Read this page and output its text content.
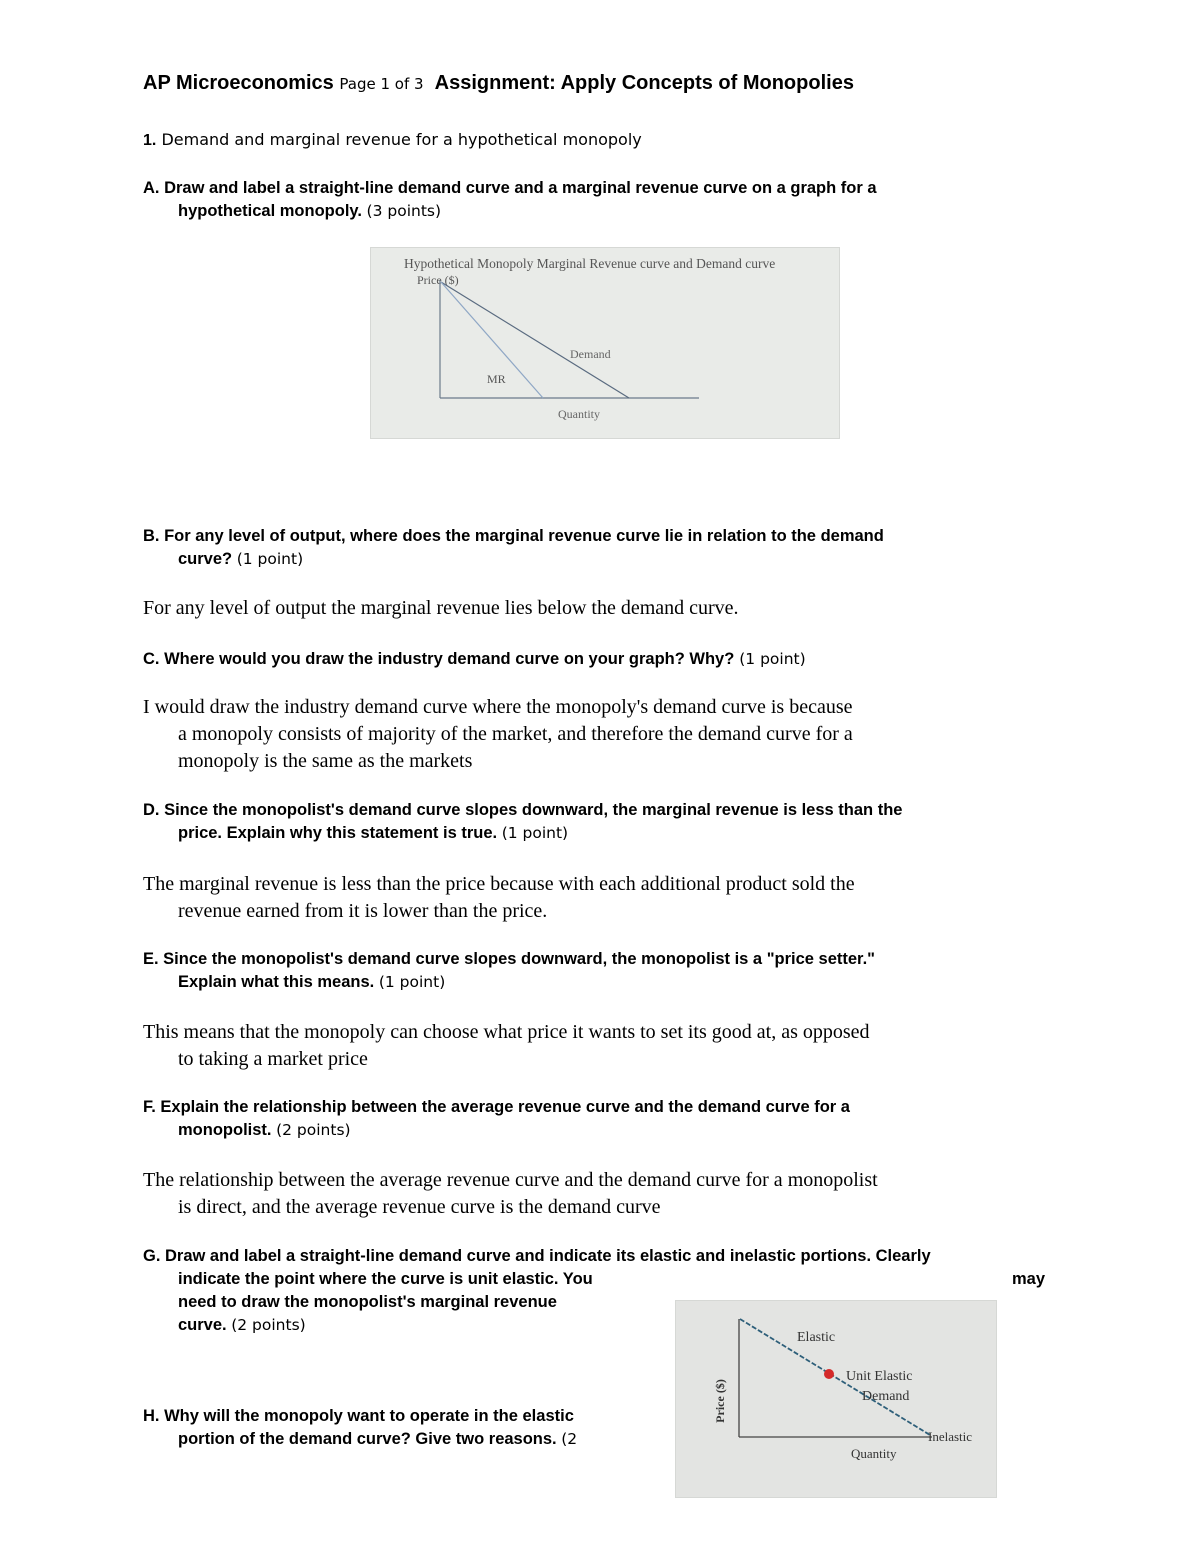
AP Microeconomics Page 1 of 3 Assignment: Apply Concepts of Monopolies
1. Demand and marginal revenue for a hypothetical monopoly
A. Draw and label a straight-line demand curve and a marginal revenue curve on a graph for a
hypothetical monopoly. (3 points)
Hypothetical Monopoly Marginal Revenue curve and Demand curve
Price ($)
Demand
MR
Quantity
B. For any level of output, where does the marginal revenue curve lie in relation to the demand
curve? (1 point)
For any level of output the marginal revenue lies below the demand curve.
C. Where would you draw the industry demand curve on your graph? Why? (1 point)
I would draw the industry demand curve where the monopoly's demand curve is because
a monopoly consists of majority of the market, and therefore the demand curve for a
monopoly is the same as the markets
D. Since the monopolist's demand curve slopes downward, the marginal revenue is less than the
price. Explain why this statement is true. (1 point)
The marginal revenue is less than the price because with each additional product sold the
revenue earned from it is lower than the price.
E. Since the monopolist's demand curve slopes downward, the monopolist is a "price setter."
Explain what this means. (1 point)
This means that the monopoly can choose what price it wants to set its good at, as opposed
to taking a market price
F. Explain the relationship between the average revenue curve and the demand curve for a
monopolist. (2 points)
The relationship between the average revenue curve and the demand curve for a monopolist
is direct, and the average revenue curve is the demand curve
G. Draw and label a straight-line demand curve and indicate its elastic and inelastic portions. Clearly
indicate the point where the curve is unit elastic. You
need to draw the monopolist's marginal revenue
curve. (2 points)
may
H. Why will the monopoly want to operate in the elastic
portion of the demand curve? Give two reasons. (2
Price ($)
Elastic
Unit Elastic
Demand
Inelastic
Quantity
